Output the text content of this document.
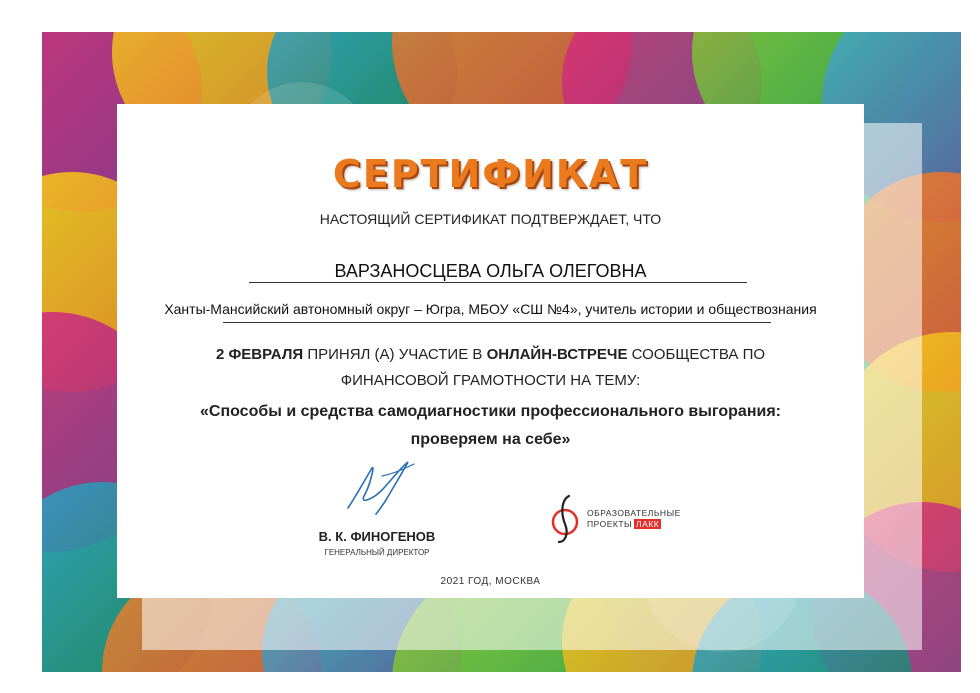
СЕРТИФИКАТ
НАСТОЯЩИЙ СЕРТИФИКАТ ПОДТВЕРЖДАЕТ, ЧТО
ВАРЗАНОСЦЕВА ОЛЬГА ОЛЕГОВНА
Ханты-Мансийский автономный округ – Югра, МБОУ «СШ №4», учитель истории и обществознания
2 ФЕВРАЛЯ ПРИНЯЛ (А) УЧАСТИЕ В ОНЛАЙН-ВСТРЕЧЕ СООБЩЕСТВА ПО
ФИНАНСОВОЙ ГРАМОТНОСТИ НА ТЕМУ:
«Способы и средства самодиагностики профессионального выгорания:
проверяем на себе»
В. К. ФИНОГЕНОВ
ГЕНЕРАЛЬНЫЙ ДИРЕКТОР
ОБРАЗОВАТЕЛЬНЫЕ
ПРОЕКТЫ ЛАКК
2021 ГОД, МОСКВА
